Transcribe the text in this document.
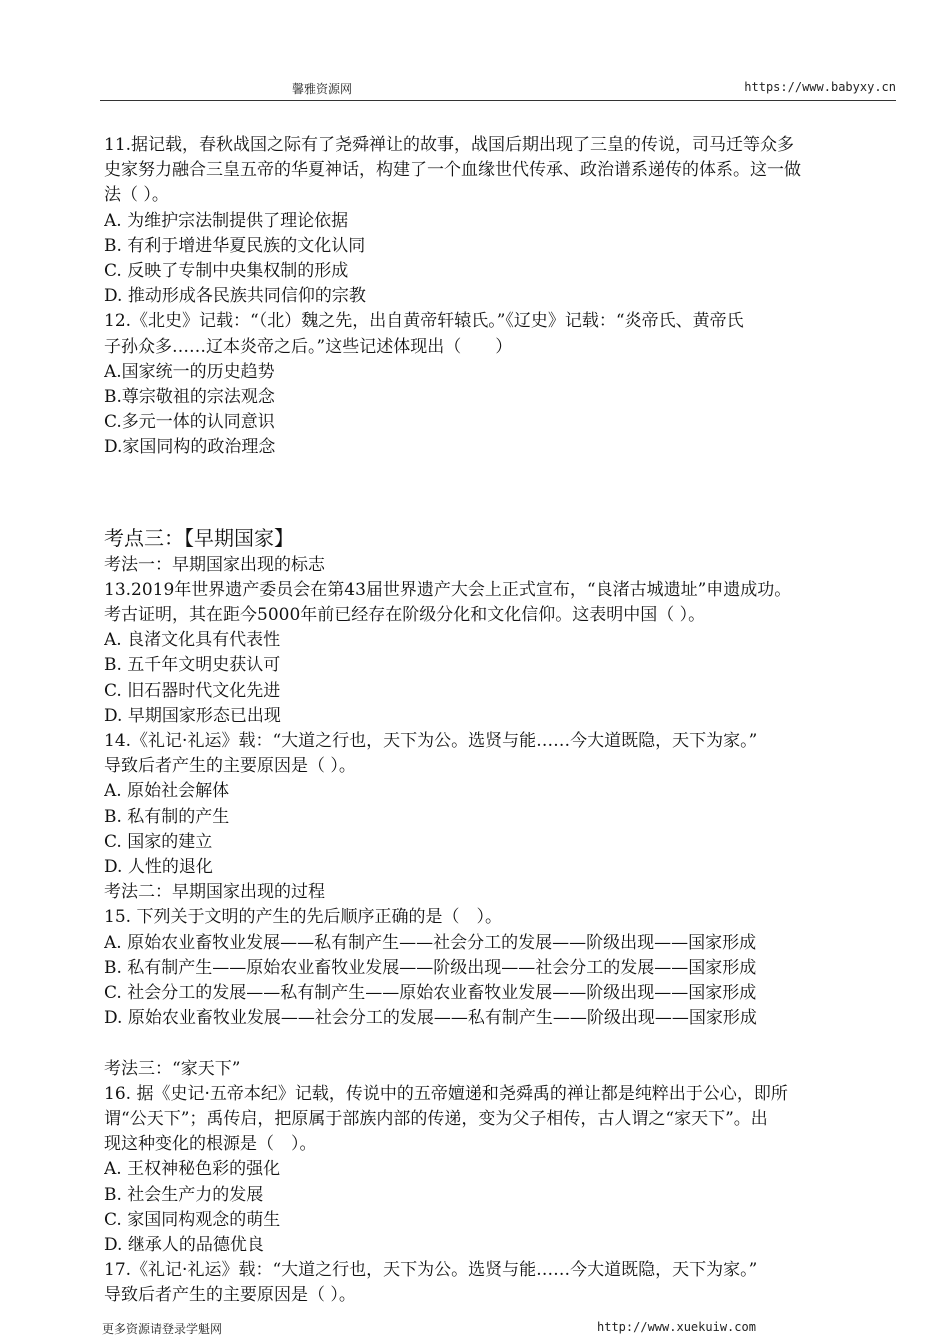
馨雅资源网	https://www.babyxy.cn
11.据记载，春秋战国之际有了尧舜禅让的故事，战国后期出现了三皇的传说，司马迁等众多
史家努力融合三皇五帝的华夏神话，构建了一个血缘世代传承、政治谱系递传的体系。这一做
法（ ）。
A. 为维护宗法制提供了理论依据
B. 有利于增进华夏民族的文化认同
C. 反映了专制中央集权制的形成
D. 推动形成各民族共同信仰的宗教
12.《北史》记载：“（北）魏之先，出自黄帝轩辕氏。”《辽史》记载：“炎帝氏、黄帝氏
子孙众多……辽本炎帝之后。”这些记述体现出（　　）
A.国家统一的历史趋势
B.尊宗敬祖的宗法观念
C.多元一体的认同意识
D.家国同构的政治理念
考点三：【早期国家】
考法一：早期国家出现的标志
13.2019年世界遗产委员会在第43届世界遗产大会上正式宣布，“良渚古城遗址”申遗成功。
考古证明，其在距今5000年前已经存在阶级分化和文化信仰。这表明中国（ ）。
A. 良渚文化具有代表性
B. 五千年文明史获认可
C. 旧石器时代文化先进
D. 早期国家形态已出现
14.《礼记·礼运》载：“大道之行也，天下为公。选贤与能……今大道既隐，天下为家。”
导致后者产生的主要原因是（ ）。
A. 原始社会解体
B. 私有制的产生
C. 国家的建立
D. 人性的退化
考法二：早期国家出现的过程
15. 下列关于文明的产生的先后顺序正确的是（　）。
A. 原始农业畜牧业发展——私有制产生——社会分工的发展——阶级出现——国家形成
B. 私有制产生——原始农业畜牧业发展——阶级出现——社会分工的发展——国家形成
C. 社会分工的发展——私有制产生——原始农业畜牧业发展——阶级出现——国家形成
D. 原始农业畜牧业发展——社会分工的发展——私有制产生——阶级出现——国家形成
考法三：“家天下”
16. 据《史记·五帝本纪》记载，传说中的五帝嬗递和尧舜禹的禅让都是纯粹出于公心，即所
谓“公天下”；禹传启，把原属于部族内部的传递，变为父子相传，古人谓之“家天下”。出
现这种变化的根源是（　）。
A. 王权神秘色彩的强化
B. 社会生产力的发展
C. 家国同构观念的萌生
D. 继承人的品德优良
17.《礼记·礼运》载：“大道之行也，天下为公。选贤与能……今大道既隐，天下为家。”
导致后者产生的主要原因是（ ）。
更多资源请登录学魁网	http://www.xuekuiw.com
